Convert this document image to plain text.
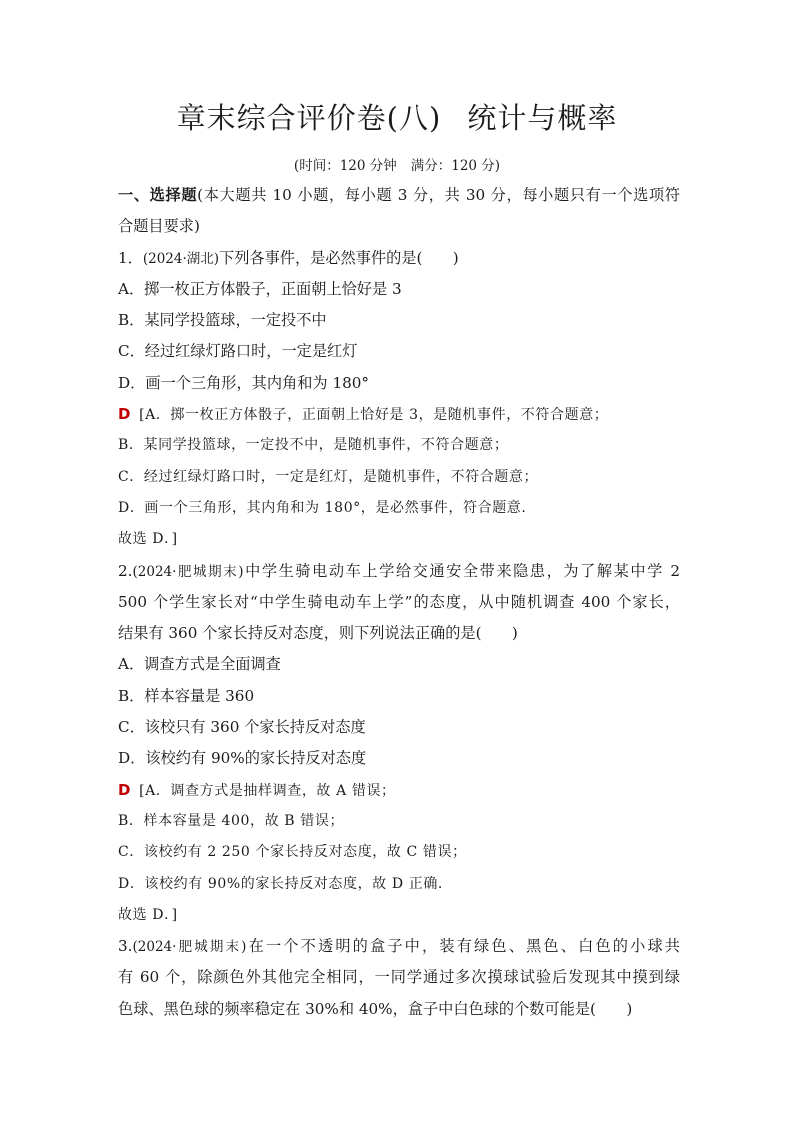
章末综合评价卷(八) 统计与概率
(时间：120 分钟 满分：120 分)
一、选择题(本大题共 10 小题，每小题 3 分，共 30 分，每小题只有一个选项符
合题目要求)
1．(2024·湖北)下列各事件，是必然事件的是(　　)
A．掷一枚正方体骰子，正面朝上恰好是 3
B．某同学投篮球，一定投不中
C．经过红绿灯路口时，一定是红灯
D．画一个三角形，其内角和为 180°
D [A．掷一枚正方体骰子，正面朝上恰好是 3，是随机事件，不符合题意；
B．某同学投篮球，一定投不中，是随机事件，不符合题意；
C．经过红绿灯路口时，一定是红灯，是随机事件，不符合题意；
D．画一个三角形，其内角和为 180°，是必然事件，符合题意.
故选 D．]
2.(2024·肥城期末)中学生骑电动车上学给交通安全带来隐患，为了解某中学 2
500 个学生家长对“中学生骑电动车上学”的态度，从中随机调查 400 个家长，
结果有 360 个家长持反对态度，则下列说法正确的是(　　)
A．调查方式是全面调查
B．样本容量是 360
C．该校只有 360 个家长持反对态度
D．该校约有 90%的家长持反对态度
D [A．调查方式是抽样调查，故 A 错误；
B．样本容量是 400，故 B 错误；
C．该校约有 2 250 个家长持反对态度，故 C 错误；
D．该校约有 90%的家长持反对态度，故 D 正确.
故选 D．]
3.(2024·肥城期末)在一个不透明的盒子中，装有绿色、黑色、白色的小球共
有 60 个，除颜色外其他完全相同，一同学通过多次摸球试验后发现其中摸到绿
色球、黑色球的频率稳定在 30%和 40%，盒子中白色球的个数可能是(　　)
